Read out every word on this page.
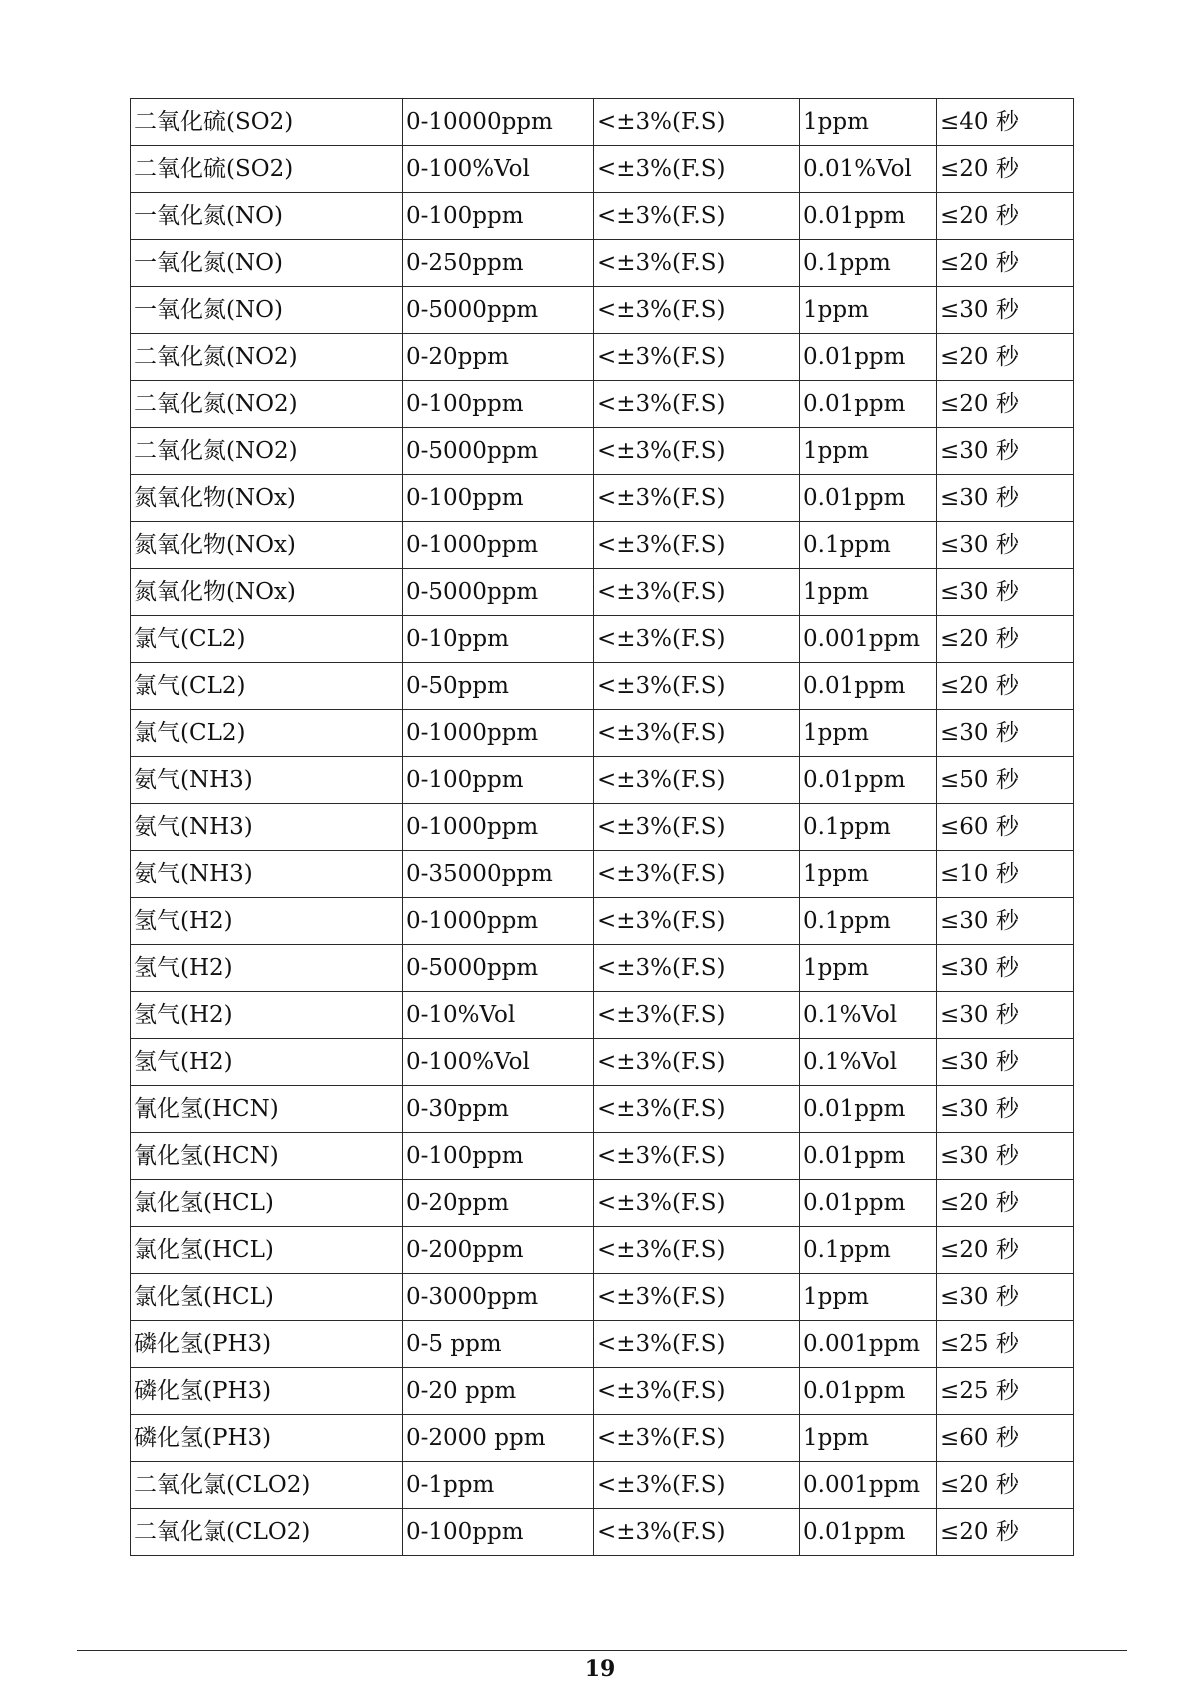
二氧化硫(SO2)	0-10000ppm	<±3%(F.S)	1ppm	≤40 秒
二氧化硫(SO2)	0-100%Vol	<±3%(F.S)	0.01%Vol	≤20 秒
一氧化氮(NO)	0-100ppm	<±3%(F.S)	0.01ppm	≤20 秒
一氧化氮(NO)	0-250ppm	<±3%(F.S)	0.1ppm	≤20 秒
一氧化氮(NO)	0-5000ppm	<±3%(F.S)	1ppm	≤30 秒
二氧化氮(NO2)	0-20ppm	<±3%(F.S)	0.01ppm	≤20 秒
二氧化氮(NO2)	0-100ppm	<±3%(F.S)	0.01ppm	≤20 秒
二氧化氮(NO2)	0-5000ppm	<±3%(F.S)	1ppm	≤30 秒
氮氧化物(NOx)	0-100ppm	<±3%(F.S)	0.01ppm	≤30 秒
氮氧化物(NOx)	0-1000ppm	<±3%(F.S)	0.1ppm	≤30 秒
氮氧化物(NOx)	0-5000ppm	<±3%(F.S)	1ppm	≤30 秒
氯气(CL2)	0-10ppm	<±3%(F.S)	0.001ppm	≤20 秒
氯气(CL2)	0-50ppm	<±3%(F.S)	0.01ppm	≤20 秒
氯气(CL2)	0-1000ppm	<±3%(F.S)	1ppm	≤30 秒
氨气(NH3)	0-100ppm	<±3%(F.S)	0.01ppm	≤50 秒
氨气(NH3)	0-1000ppm	<±3%(F.S)	0.1ppm	≤60 秒
氨气(NH3)	0-35000ppm	<±3%(F.S)	1ppm	≤10 秒
氢气(H2)	0-1000ppm	<±3%(F.S)	0.1ppm	≤30 秒
氢气(H2)	0-5000ppm	<±3%(F.S)	1ppm	≤30 秒
氢气(H2)	0-10%Vol	<±3%(F.S)	0.1%Vol	≤30 秒
氢气(H2)	0-100%Vol	<±3%(F.S)	0.1%Vol	≤30 秒
氰化氢(HCN)	0-30ppm	<±3%(F.S)	0.01ppm	≤30 秒
氰化氢(HCN)	0-100ppm	<±3%(F.S)	0.01ppm	≤30 秒
氯化氢(HCL)	0-20ppm	<±3%(F.S)	0.01ppm	≤20 秒
氯化氢(HCL)	0-200ppm	<±3%(F.S)	0.1ppm	≤20 秒
氯化氢(HCL)	0-3000ppm	<±3%(F.S)	1ppm	≤30 秒
磷化氢(PH3)	0-5 ppm	<±3%(F.S)	0.001ppm	≤25 秒
磷化氢(PH3)	0-20 ppm	<±3%(F.S)	0.01ppm	≤25 秒
磷化氢(PH3)	0-2000 ppm	<±3%(F.S)	1ppm	≤60 秒
二氧化氯(CLO2)	0-1ppm	<±3%(F.S)	0.001ppm	≤20 秒
二氧化氯(CLO2)	0-100ppm	<±3%(F.S)	0.01ppm	≤20 秒
19
